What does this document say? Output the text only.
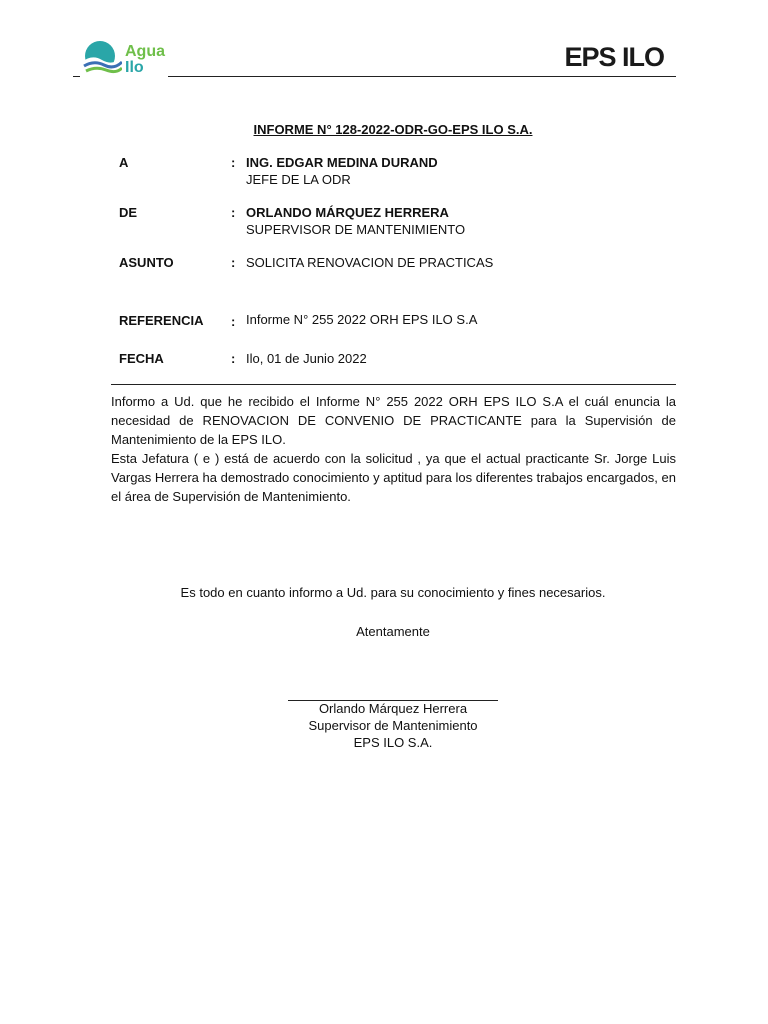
Agua
Ilo	EPS ILO
INFORME N° 128-2022-ODR-GO-EPS ILO S.A.
A	: ING. EDGAR MEDINA DURAND
JEFE DE LA ODR
DE	: ORLANDO MÁRQUEZ HERRERA
SUPERVISOR DE MANTENIMIENTO
ASUNTO	: SOLICITA RENOVACION DE PRACTICAS
REFERENCIA : Informe N° 255 2022 ORH EPS ILO S.A
FECHA	: Ilo, 01 de Junio 2022

Informo a Ud. que he recibido el Informe N° 255 2022 ORH EPS ILO S.A el cuál enuncia la necesidad de RENOVACION DE CONVENIO DE PRACTICANTE para la Supervisión de Mantenimiento de la EPS ILO.

Esta Jefatura ( e ) está de acuerdo con la solicitud , ya que el actual practicante Sr. Jorge Luis Vargas Herrera ha demostrado conocimiento y aptitud para los diferentes trabajos encargados, en el área de Supervisión de Mantenimiento.

Es todo en cuanto informo a Ud. para su conocimiento y fines necesarios.
Atentamente
Orlando Márquez Herrera
Supervisor de Mantenimiento
EPS ILO S.A.
